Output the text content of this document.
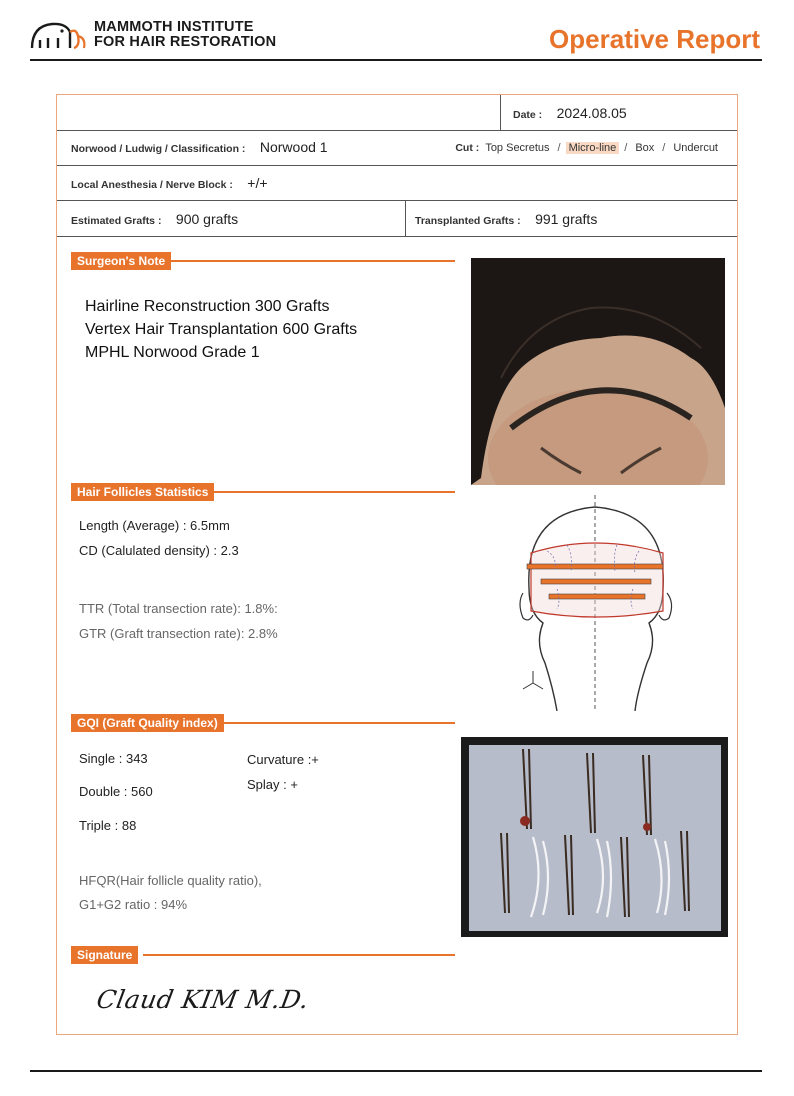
MAMMOTH INSTITUTE
FOR HAIR RESTORATION	Operative Report
Date : 2024.08.05
Norwood / Ludwig / Classification : Norwood 1	Cut : Top Secretus / Micro-line / Box / Undercut
Local Anesthesia / Nerve Block : +/+
Estimated Grafts : 900 grafts	Transplanted Grafts : 991 grafts
Surgeon's Note
Hairline Reconstruction 300 Grafts
Vertex Hair Transplantation 600 Grafts
MPHL Norwood Grade 1
Hair Follicles Statistics
Length (Average) : 6.5mm
CD (Calulated density) : 2.3
TTR (Total transection rate): 1.8%:
GTR (Graft transection rate): 2.8%
GQI (Graft Quality index)
Single : 343
Double : 560
Triple : 88
Curvature :+
Splay : +
HFQR(Hair follicle quality ratio),
G1+G2 ratio : 94%
Signature
Claud KIM M.D.
